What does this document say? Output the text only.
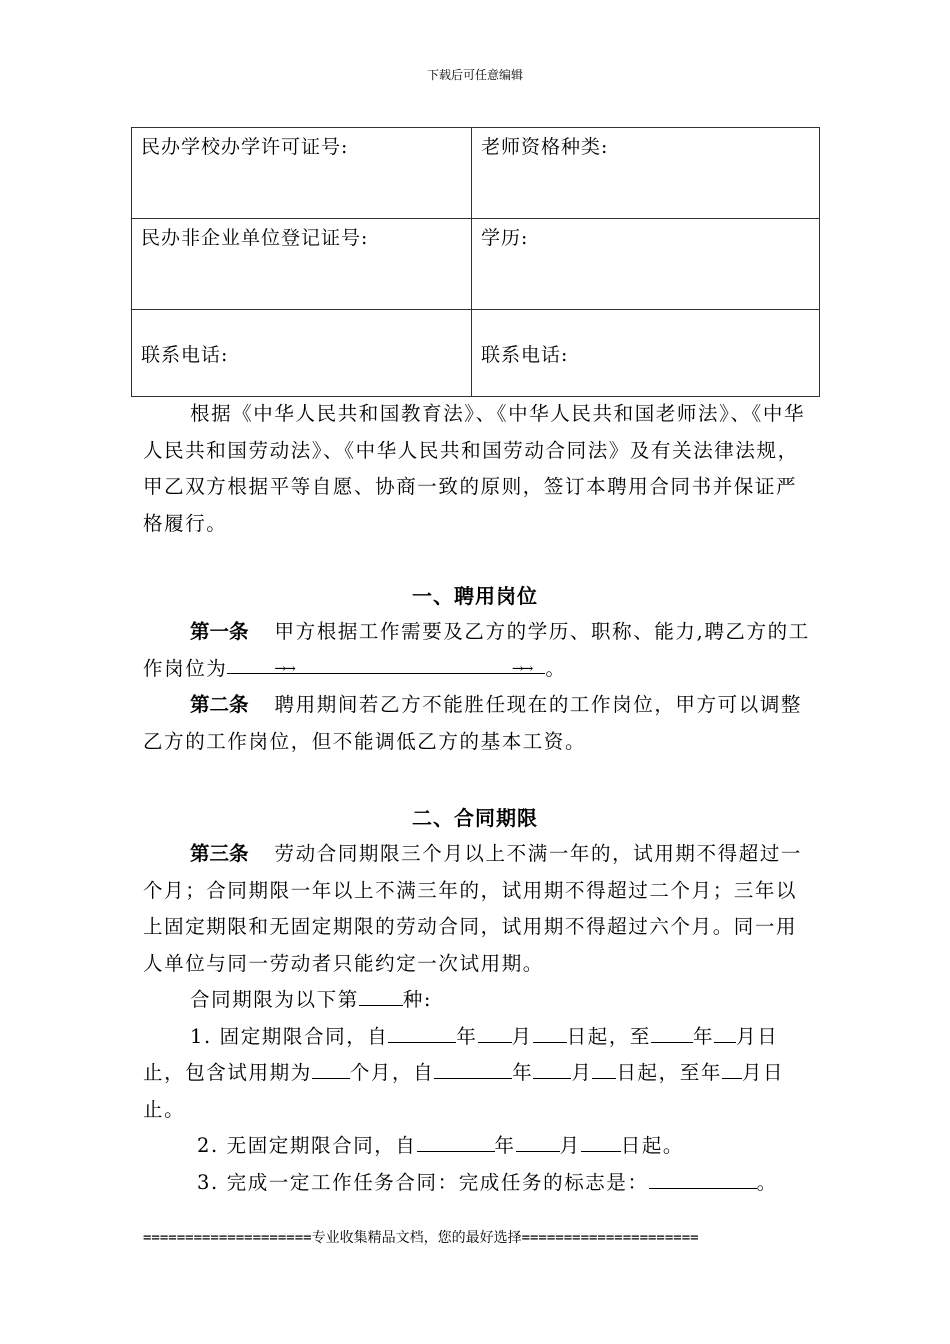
下载后可任意编辑
民办学校办学许可证号:	老师资格种类:
民办非企业单位登记证号:	学历:
联系电话:	联系电话:

根据《中华人民共和国教育法》、《中华人民共和国老师法》、《中华人民共和国劳动法》、《中华人民共和国劳动合同法》及有关法律法规，甲乙双方根据平等自愿、协商一致的原则，签订本聘用合同书并保证严格履行。

一、聘用岗位

第一条 甲方根据工作需要及乙方的学历、职称、能力,聘乙方的工作岗位为	→→	→→ 。

第二条 聘用期间若乙方不能胜任现在的工作岗位，甲方可以调整乙方的工作岗位，但不能调低乙方的基本工资。

二、合同期限

第三条 劳动合同期限三个月以上不满一年的，试用期不得超过一个月；合同期限一年以上不满三年的，试用期不得超过二个月；三年以上固定期限和无固定期限的劳动合同，试用期不得超过六个月。同一用人单位与同一劳动者只能约定一次试用期。

合同期限为以下第 种:

1. 固定期限合同，自	年 月 日起，至 年 月日止，包含试用期为 个月，自	年 月 日起，至年 月日止。

2. 无固定期限合同，自	年 月 日起。

3. 完成一定工作任务合同：完成任务的标志是：	。

====================专业收集精品文档，您的最好选择=====================
